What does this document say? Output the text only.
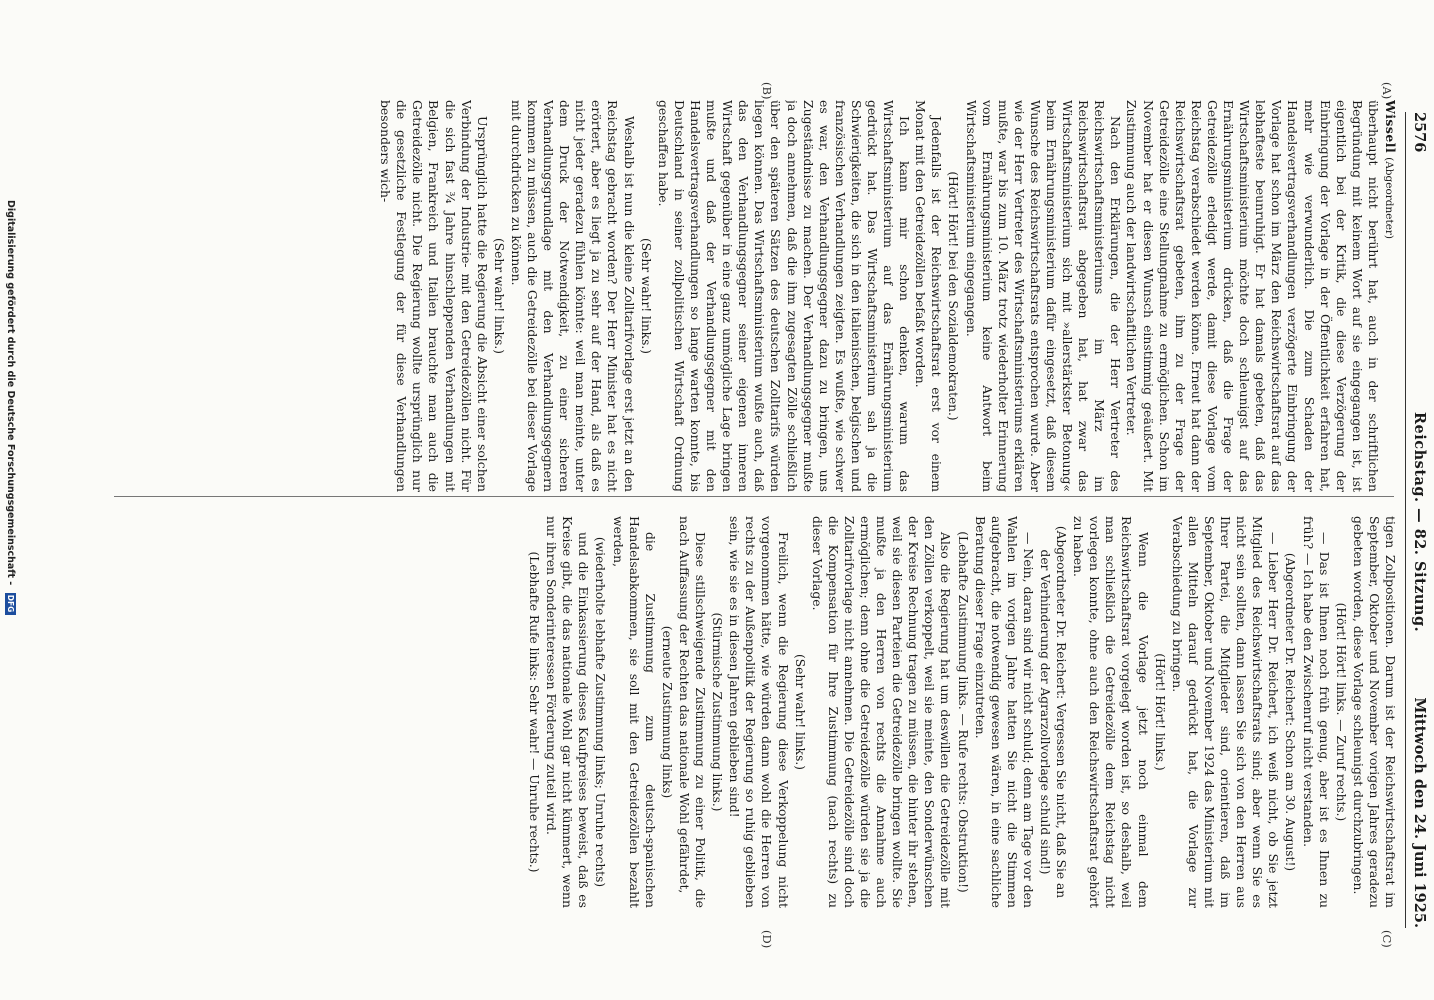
2576
Reichstag. — 82. Sitzung.
Mittwoch den 24. Juni 1925.
(A)
(B)
(C)
(D)

Wissell (Abgeordneter)

überhaupt nicht berührt hat, auch in der schriftlichen Begründung mit keinem Wort auf sie eingegangen ist, ist eigentlich bei der Kritik, die diese Verzögerung der Einbringung der Vorlage in der Öffentlichkeit erfahren hat, mehr wie verwunderlich. Die zum Schaden der Handelsvertragsverhandlungen verzögerte Einbringung der Vorlage hat schon im März den Reichswirtschaftsrat auf das lebhafteste beunruhigt. Er hat damals gebeten, daß das Wirtschaftsministerium möchte doch schleunigst auf das Ernährungsministerium drücken, daß die Frage der Getreidezölle erledigt werde, damit diese Vorlage vom Reichstag verabschiedet werden könne. Erneut hat dann der Reichswirtschaftsrat gebeten, ihm zu der Frage der Getreidezölle eine Stellungnahme zu ermöglichen. Schon im November hat er diesen Wunsch einstimmig geäußert. Mit Zustimmung auch der landwirtschaftlichen Vertreter.

Nach den Erklärungen, die der Herr Vertreter des Reichswirtschaftsministeriums im März im Reichswirtschaftsrat abgegeben hat, hat zwar das Wirtschaftsministerium sich mit »allerstärkster Betonung« beim Ernährungsministerium dafür eingesetzt, daß diesem Wunsche des Reichswirtschaftsrats entsprochen wurde. Aber wie der Herr Vertreter des Wirtschaftsministeriums erklären mußte, war bis zum 10. März trotz wiederholter Erinnerung vom Ernährungsministerium keine Antwort beim Wirtschaftsministerium eingegangen.

(Hört! Hört! bei den Sozialdemokraten.)

Jedenfalls ist der Reichswirtschaftsrat erst vor einem Monat mit den Getreidezöllen befaßt worden.

Ich kann mir schon denken, warum das Wirtschaftsministerium auf das Ernährungsministerium gedrückt hat. Das Wirtschaftsministerium sah ja die Schwierigkeiten, die sich in den italienischen, belgischen und französischen Verhandlungen zeigten. Es wußte, wie schwer es war, den Verhandlungsgegner dazu zu bringen, uns Zugeständnisse zu machen. Der Verhandlungsgegner mußte ja doch annehmen, daß die ihm zugesagten Zölle schließlich über den späteren Sätzen des deutschen Zolltarifs würden liegen können. Das Wirtschaftsministerium wußte auch, daß das den Verhandlungsgegner seiner eigenen inneren Wirtschaft gegenüber in eine ganz unmögliche Lage bringen mußte und daß der Verhandlungsgegner mit den Handelsvertragsverhandlungen so lange warten konnte, bis Deutschland in seiner zollpolitischen Wirtschaft Ordnung geschaffen habe.

(Sehr wahr! links.)

Weshalb ist nun die kleine Zolltarifvorlage erst jetzt an den Reichstag gebracht worden? Der Herr Minister hat es nicht erörtert, aber es liegt ja zu sehr auf der Hand, als daß es nicht jeder geradezu fühlen könnte: weil man meinte, unter dem Druck der Notwendigkeit, zu einer sicheren Verhandlungsgrundlage mit den Verhandlungsgegnern kommen zu müssen, auch die Getreidezölle bei dieser Vorlage mit durchdrücken zu können.

(Sehr wahr! links.)

Ursprünglich hatte die Regierung die Absicht einer solchen Verbindung der Industrie- mit den Getreidezöllen nicht. Für die sich fast ¾ Jahre hinschleppenden Verhandlungen mit Belgien, Frankreich und Italien brauchte man auch die Getreidezölle nicht. Die Regierung wollte ursprünglich nur die gesetzliche Festlegung der für diese Verhandlungen besonders wich-

tigen Zollpositionen. Darum ist der Reichswirtschaftsrat im September, Oktober und November vorigen Jahres geradezu gebeten worden, diese Vorlage schleunigst durchzubringen.

(Hört! Hört! links. — Zuruf rechts.)

— Das ist Ihnen noch früh genug, aber ist es Ihnen zu früh? — Ich habe den Zwischenruf nicht verstanden.

(Abgeordneter Dr. Reichert: Schon am 30. August!)

— Lieber Herr Dr. Reichert, ich weiß nicht, ob Sie jetzt Mitglied des Reichswirtschaftsrats sind; aber wenn Sie es nicht sein sollten, dann lassen Sie sich von den Herren aus Ihrer Partei, die Mitglieder sind, orientieren, daß im September, Oktober und November 1924 das Ministerium mit allen Mitteln darauf gedrückt hat, die Vorlage zur Verabschiedung zu bringen.

(Hört! Hört! links.)

Wenn die Vorlage jetzt noch einmal dem Reichswirtschaftsrat vorgelegt worden ist, so deshalb, weil man schließlich die Getreidezölle dem Reichstag nicht vorlegen konnte, ohne auch den Reichswirtschaftsrat gehört zu haben.

(Abgeordneter Dr. Reichert: Vergessen Sie nicht, daß Sie an der Verhinderung der Agrarzollvorlage schuld sind!)

— Nein, daran sind wir nicht schuld; denn am Tage vor den Wahlen im vorigen Jahre hatten Sie nicht die Stimmen aufgebracht, die notwendig gewesen wären, in eine sachliche Beratung dieser Frage einzutreten.

(Lebhafte Zustimmung links. — Rufe rechts: Obstruktion!)

Also die Regierung hat um deswillen die Getreidezölle mit den Zöllen verkoppelt, weil sie meinte, den Sonderwünschen der Kreise Rechnung tragen zu müssen, die hinter ihr stehen, weil sie diesen Parteien die Getreidezölle bringen wollte. Sie mußte ja den Herren von rechts die Annahme auch ermöglichen; denn ohne die Getreidezölle würden sie ja die Zolltarifvorlage nicht annehmen. Die Getreidezölle sind doch die Kompensation für Ihre Zustimmung (nach rechts) zu dieser Vorlage.

(Sehr wahr! links.)

Freilich, wenn die Regierung diese Verkoppelung nicht vorgenommen hätte, wie würden dann wohl die Herren von rechts zu der Außenpolitik der Regierung so ruhig geblieben sein, wie sie es in diesen Jahren geblieben sind!

(Stürmische Zustimmung links.)

Diese stillschweigende Zustimmung zu einer Politik, die nach Auffassung der Rechten das nationale Wohl gefährdet,

(erneute Zustimmung links)

die Zustimmung zum deutsch-spanischen Handelsabkommen, sie soll mit den Getreidezöllen bezahlt werden,

(wiederholte lebhafte Zustimmung links; Unruhe rechts)

und die Einkassierung dieses Kaufpreises beweist, daß es Kreise gibt, die das nationale Wohl gar nicht kümmert, wenn nur ihren Sonderinteressen Förderung zuteil wird.

(Lebhafte Rufe links: Sehr wahr! — Unruhe rechts.)

Digitalisierung gefördert durch die Deutsche Forschungsgemeinschaft - DFG
